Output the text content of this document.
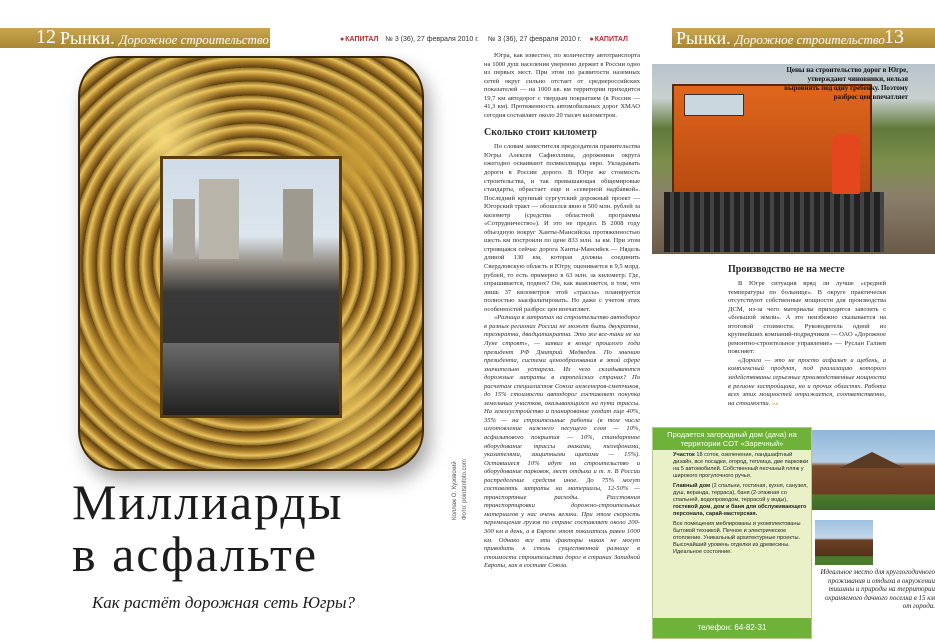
12 Рынки. Дорожное строительство	● КАПИТАЛ № 3 (36), 27 февраля 2010 г. № 3 (36), 27 февраля 2010 г. ● КАПИТАЛ	Рынки. Дорожное строительство 13
Коллаж О. Кузовский Фото: pointsinfoto.com
Миллиарды
в асфальте
Как растёт дорожная сеть Югры?

Югра, как известно, по количеству автотранспорта на 1000 душ населения уверенно держит в России одно из первых мест. При этом по развитости наземных сетей округ сильно отстает от среднероссийских показателей — на 1000 кв. км территории приходится 19,7 км автодорог с твердым покрытием (в России — 41,3 км). Протяженность автомобильных дорог ХМАО сегодня составляет около 20 тысяч километров.

Сколько стоит километр

По словам заместителя председателя правительства Югры Алексея Сафиоллина, дорожники округа ежегодно осваивают полмиллиарда евро. Укладывать дороги в России дорого. В Югре же стоимость строительства, и так превышающая общемировые стандарты, обрастает еще и «северной надбавкой». Последний крупный сургутский дорожный проект — Югорский тракт — обошелся явно в 500 млн. рублей за километр (средства областной программы «Сотрудничество»). И это не предел. В 2008 году объездную вокруг Ханты-Мансийска протяженностью шесть км построили по цене 833 млн. за км. При этом строящаяся сейчас дорога Ханты-Мансийск — Нядель длиной 130 км, которая должна соединить Свердловскую область и Югру, оценивается в 9,5 млрд. рублей, то есть примерно в 63 млн. за километр. Где, спрашивается, подвох? Он, как выясняется, в том, что лишь 37 километров этой «трассы» планируется полностью заасфальтировать. Но даже с учетом этих особенностей разброс цен впечатляет.

«Разница в затратах на строительство автодорог в разных регионах России не может быть двукратна, трехкратна, двадцатикратна. Это же все-таки не на Луне строят», — заявил в конце прошлого года президент РФ Дмитрий Медведев. По мнению президента, система ценообразования в этой сфере значительно устарела. Из чего складываются дорожные затраты в европейских странах? По расчетам специалистов Союза инженеров-сметчиков, до 15% стоимости автодорог составляет покупка земельных участков, оказывающихся на пути трассы. На землеустройство и планирование уходит еще 40%, 35% — на строительные работы (в том числе изготовление нижнего несущего слоя — 10%, асфальтового покрытия — 10%, стандартное оборудование трассы знаками, телефонами, указателями, защитными щитами — 15%). Оставшиеся 10% идут на строительство и оборудование парковок, мест отдыха и т. п. В России распределение средств иное. До 75% могут составлять затраты на материалы, 12-50% — транспортные расходы. Расстояния транспортировки дорожно-строительных материалов у нас очень велики. При этом скорость перемещения грузов по стране составляет около 200-300 км в день, а в Европе этот показатель равен 1000 км. Однако все эти факторы никак не могут приводить к столь существенной разнице в стоимости строительства дорог в странах Западной Европы, как в составе Союза.

Цены на строительство дорог в Югре, утверждают чиновники, нельзя выровнять под одну гребенку. Поэтому разброс цен впечатляет
Производство не на месте

В Югре ситуация вряд ли лучше «средней температуры по больнице». В округе практически отсутствуют собственные мощности для производства ДСМ, из-за чего материалы приходится завозить с «большой земли». А это неизбежно сказывается на итоговой стоимости. Руководитель одной из крупнейших компаний-подрядчиков — ОАО «Дорожное ремонтно-строительное управление» — Руслан Галиев поясняет:

«Дорога — это не просто асфальт и щебень, а комплексный продукт, под реализацию которого задействованы серьезные производственные мощности в регионе застройщика, но и прочих областях. Работа всех этих мощностей отражается, соответственно, на стоимости. »»

Продается загородный дом (дача) на территории СОТ «Заречный»

Участок 18 соток, озеленение, ландшафтный дизайн, все посадки, огород, теплица, две парковки на 5 автомобилей. Собственный песчаный пляж у широкого прогулочного ручья.

Главный дом (2 спальни, гостиная, кухня, санузел, душ, веранда, терраса), баня (2-этажная со спальней, водопроводом, террасой у воды), гостевой дом, дом и баня для обслуживающего персонала, сарай-мастерская.

Все помещения меблированы и укомплектованы бытовой техникой. Печное и электрическое отопление. Уникальный архитектурные проекты. Высочайший уровень отделки из древесины. Идеальное состояние.

телефон: 64-82-31
Идеальное место для круглогодичного проживания и отдыха в окружении тишины и природы на территории охраняемого дачного поселка в 15 км от города.
